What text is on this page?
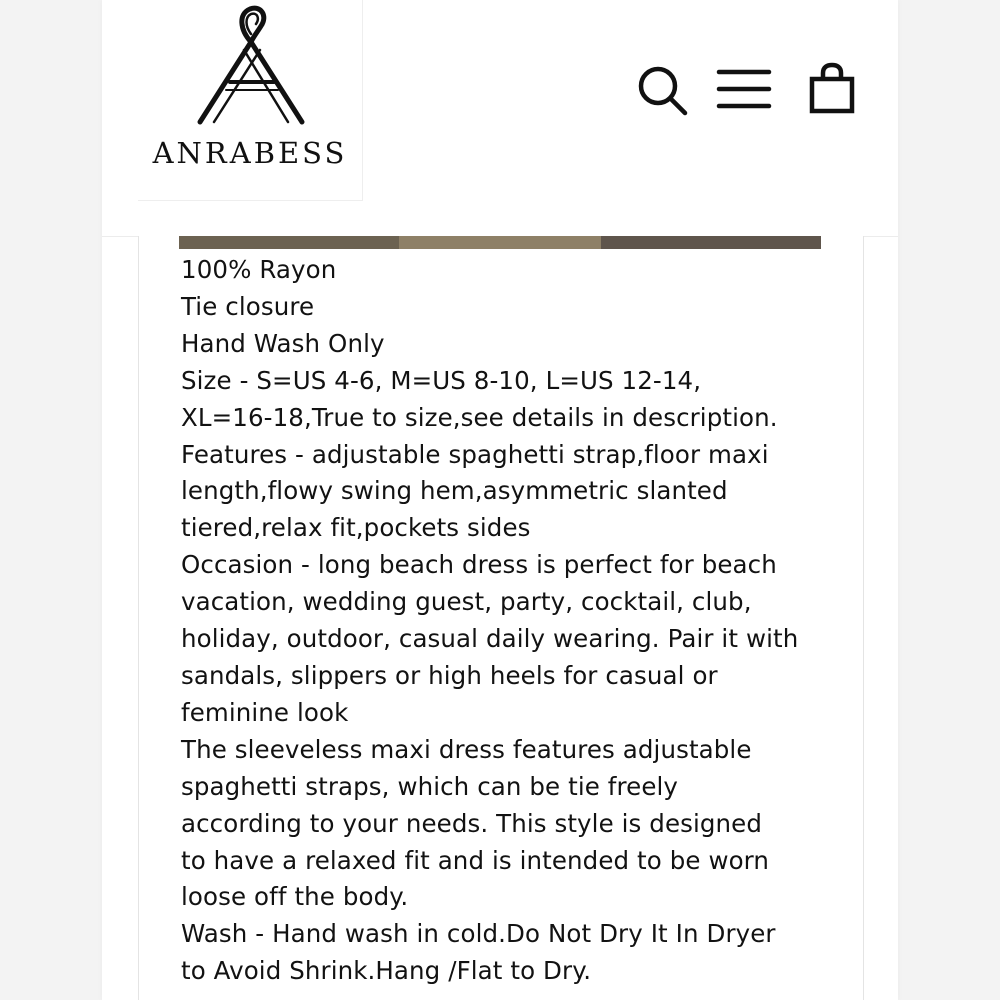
ANRABESS
100% Rayon
Tie closure
Hand Wash Only
Size - S=US 4-6, M=US 8-10, L=US 12-14,
XL=16-18,True to size,see details in description.
Features - adjustable spaghetti strap,floor maxi
length,flowy swing hem,asymmetric slanted
tiered,relax fit,pockets sides
Occasion - long beach dress is perfect for beach
vacation, wedding guest, party, cocktail, club,
holiday, outdoor, casual daily wearing. Pair it with
sandals, slippers or high heels for casual or
feminine look
The sleeveless maxi dress features adjustable
spaghetti straps, which can be tie freely
according to your needs. This style is designed
to have a relaxed fit and is intended to be worn
loose off the body.
Wash - Hand wash in cold.Do Not Dry It In Dryer
to Avoid Shrink.Hang /Flat to Dry.
